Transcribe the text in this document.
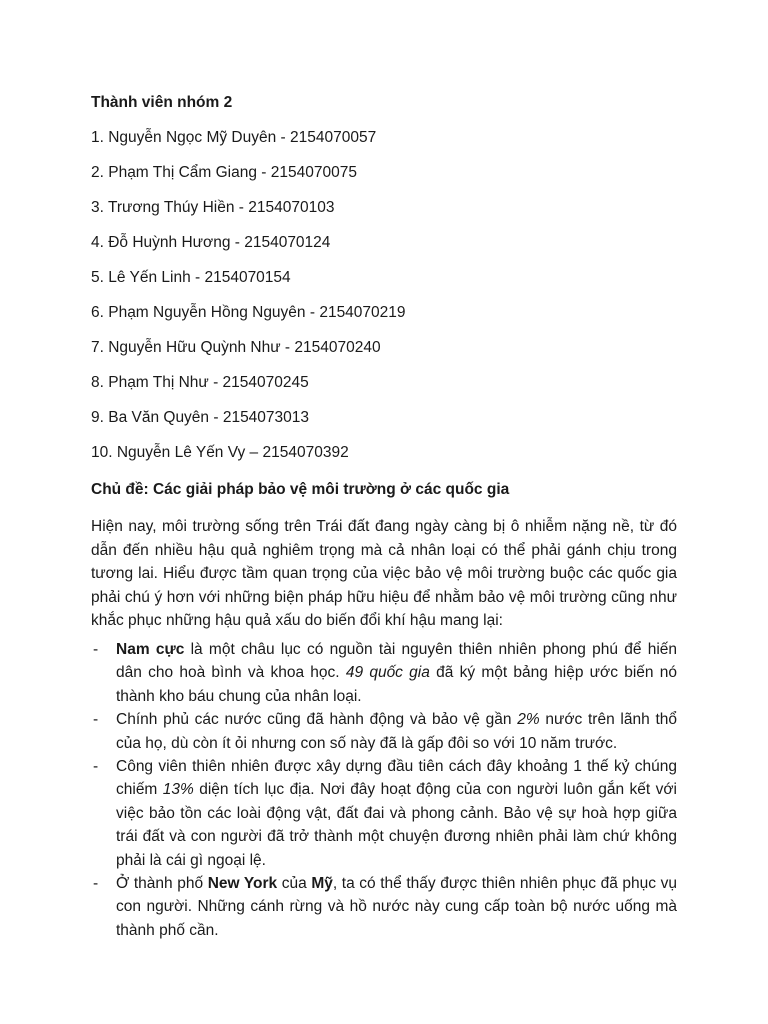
Thành viên nhóm 2
1. Nguyễn Ngọc Mỹ Duyên - 2154070057
2. Phạm Thị Cẩm Giang - 2154070075
3. Trương Thúy Hiền - 2154070103
4. Đỗ Huỳnh Hương - 2154070124
5. Lê Yến Linh - 2154070154
6. Phạm Nguyễn Hồng Nguyên - 2154070219
7. Nguyễn Hữu Quỳnh Như - 2154070240
8. Phạm Thị Như - 2154070245
9. Ba Văn Quyên - 2154073013
10. Nguyễn Lê Yến Vy – 2154070392
Chủ đề: Các giải pháp bảo vệ môi trường ở các quốc gia
Hiện nay, môi trường sống trên Trái đất đang ngày càng bị ô nhiễm nặng nề, từ đó dẫn đến nhiều hậu quả nghiêm trọng mà cả nhân loại có thể phải gánh chịu trong tương lai. Hiểu được tầm quan trọng của việc bảo vệ môi trường buộc các quốc gia phải chú ý hơn với những biện pháp hữu hiệu để nhằm bảo vệ môi trường cũng như khắc phục những hậu quả xấu do biến đổi khí hậu mang lại:
- Nam cực là một châu lục có nguồn tài nguyên thiên nhiên phong phú để hiến dân cho hoà bình và khoa học. 49 quốc gia đã ký một bảng hiệp ước biến nó thành kho báu chung của nhân loại.
- Chính phủ các nước cũng đã hành động và bảo vệ gần 2% nước trên lãnh thổ của họ, dù còn ít ỏi nhưng con số này đã là gấp đôi so với 10 năm trước.
- Công viên thiên nhiên được xây dựng đầu tiên cách đây khoảng 1 thế kỷ chúng chiếm 13% diện tích lục địa. Nơi đây hoạt động của con người luôn gắn kết với việc bảo tồn các loài động vật, đất đai và phong cảnh. Bảo vệ sự hoà hợp giữa trái đất và con người đã trở thành một chuyện đương nhiên phải làm chứ không phải là cái gì ngoại lệ.
- Ở thành phố New York của Mỹ, ta có thể thấy được thiên nhiên phục đã phục vụ con người. Những cánh rừng và hồ nước này cung cấp toàn bộ nước uống mà thành phố cần.
